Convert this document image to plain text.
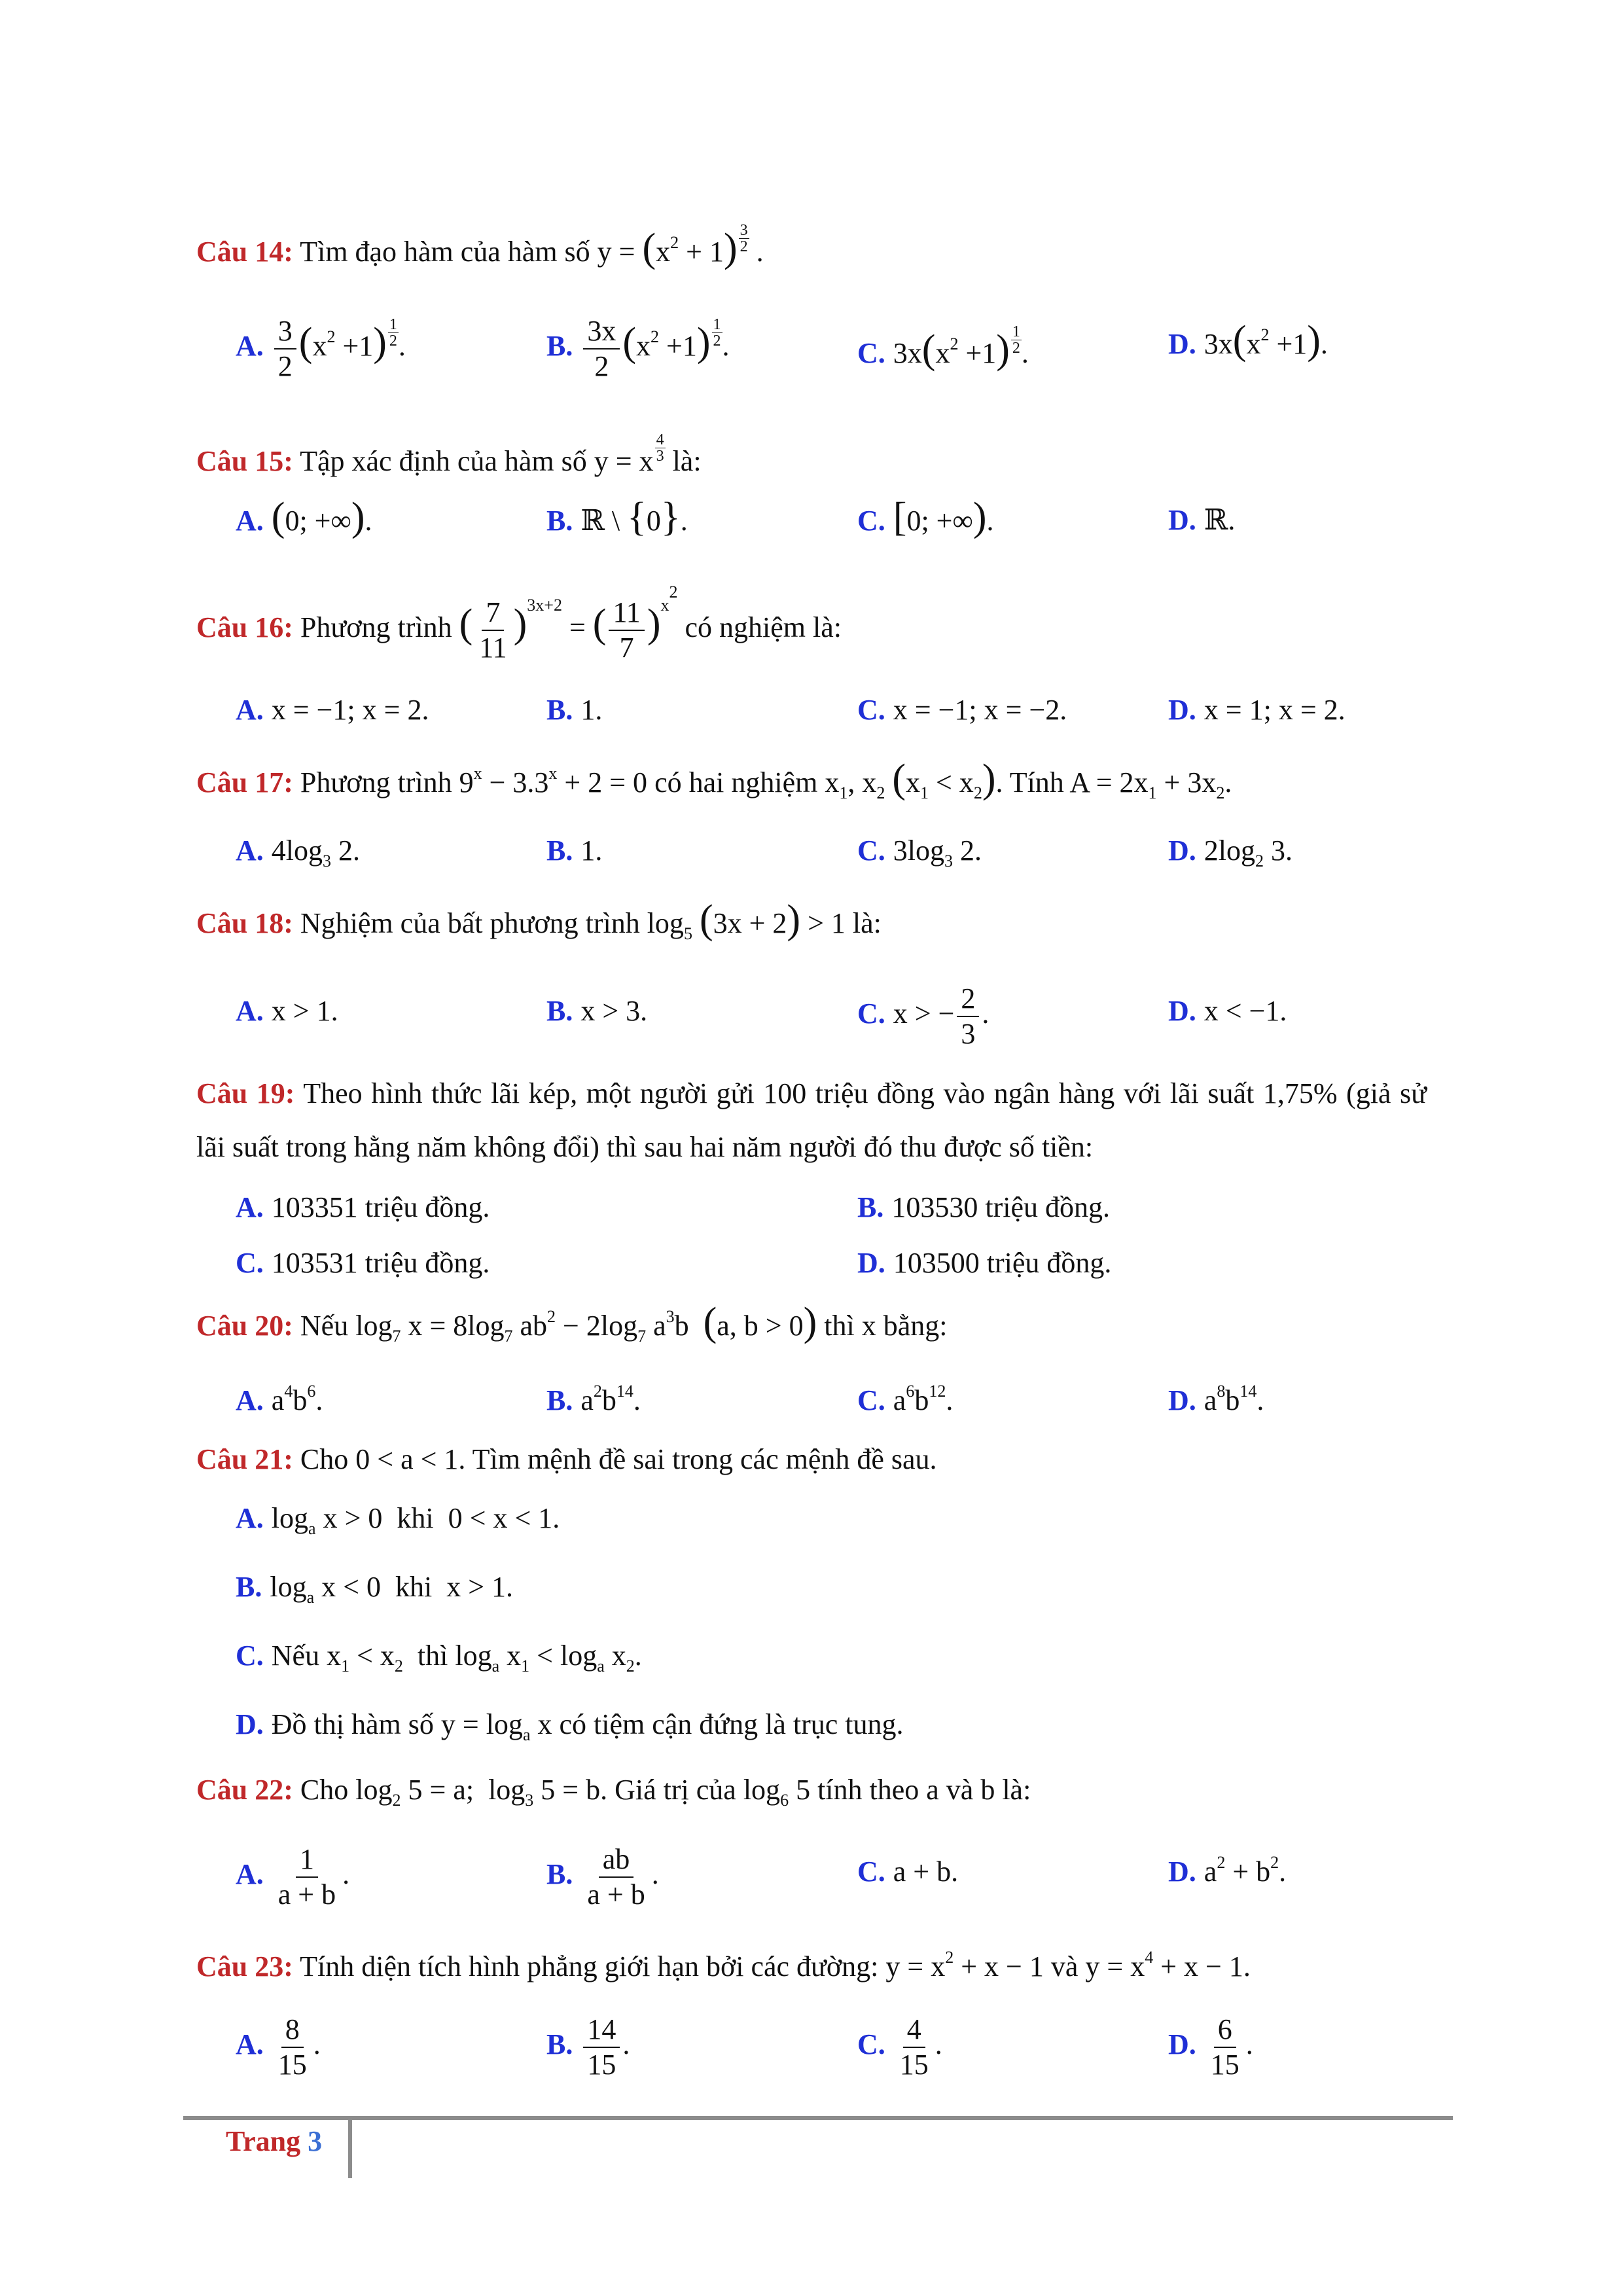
Câu 14: Tìm đạo hàm của hàm số $y = (x^2 + 1) \frac{3}{2}$ .
A. $\frac{3}{2} (x^2 +1) \frac{1}{2}$ .	B. $\frac{3x}{2} (x^2 +1) \frac{1}{2}$ .	C. $3x(x^2 +1) \frac{1}{2}$ .	D. $3x(x^2 +1)$.
Câu 15: Tập xác định của hàm số y = x $\frac{4}{3}$ là:
A. (0; +∞).	B. ℝ \ {0}.	C. [0; +∞).	D. ℝ.
Câu 16: Phương trình ( $\frac{7}{11} )^{3x+2}$ = ( $\frac{11}{7} )^{x^2}$ có nghiệm là:
A. x = −1; x = 2.	B. 1.	C. x = −1; x = −2.	D. x = 1; x = 2.
Câu 17: Phương trình $9^x - 3.3^x + 2 = 0$ có hai nghiệm $x_1$, $x_2$ $(x_1 < x_2)$. Tính $A = 2x_1 + 3x_2$.
A. $4\log_3$ 2.	B. 1.	C. $3\log_3$ 2.	D. $2\log_2$ 3.
Câu 18: Nghiệm của bất phương trình $\log_5 (3x + 2) > 1$ là:
A. x > 1.	B. x > 3.	C. x > − $\frac{2}{3}$ .	D. x < −1.
Câu 19: Theo hình thức lãi kép, một người gửi 100 triệu đồng vào ngân hàng với lãi suất 1,75% (giả sử lãi suất trong hằng năm không đổi) thì sau hai năm người đó thu được số tiền:
A. 103351 triệu đồng.	B. 103530 triệu đồng.
C. 103531 triệu đồng.	D. 103500 triệu đồng.
Câu 20: Nếu $\log_7 x = 8\log_7$ $ab^2 - 2\log_7$ $a^3b$  (a, b > 0) thì x bằng:
A. $a^4b^6$.	B. $a^2b^{14}$.	C. $a^6b^{12}$.	D. $a^8b^{14}$.
Câu 21: Cho 0 < a < 1. Tìm mệnh đề sai trong các mệnh đề sau.
A. $\log_a x > 0$  khi  0 < x < 1.
B. $\log_a x < 0$  khi  x > 1.
C. Nếu $x_1 < x_2$ thì $\log_a x_1 < \log_a x_2$.
D. Đồ thị hàm số $y = \log_a x$ có tiệm cận đứng là trục tung.
Câu 22: Cho $\log_2 5 = a$;  $\log_3 5 = b$. Giá trị của $\log_6 5$ tính theo a và b là:
A. $\frac{1}{a + b}$ .	B. $\frac{ab}{a + b}$ .	C. a + b.	D. $a^2 + b^2$.
Câu 23: Tính diện tích hình phẳng giới hạn bởi các đường: $y = x^2 + x - 1$ và $y = x^4 + x - 1$.
A. $\frac{8}{15}$ .	B. $\frac{14}{15}$ .	C. $\frac{4}{15}$ .	D. $\frac{6}{15}$ .
Trang 3
